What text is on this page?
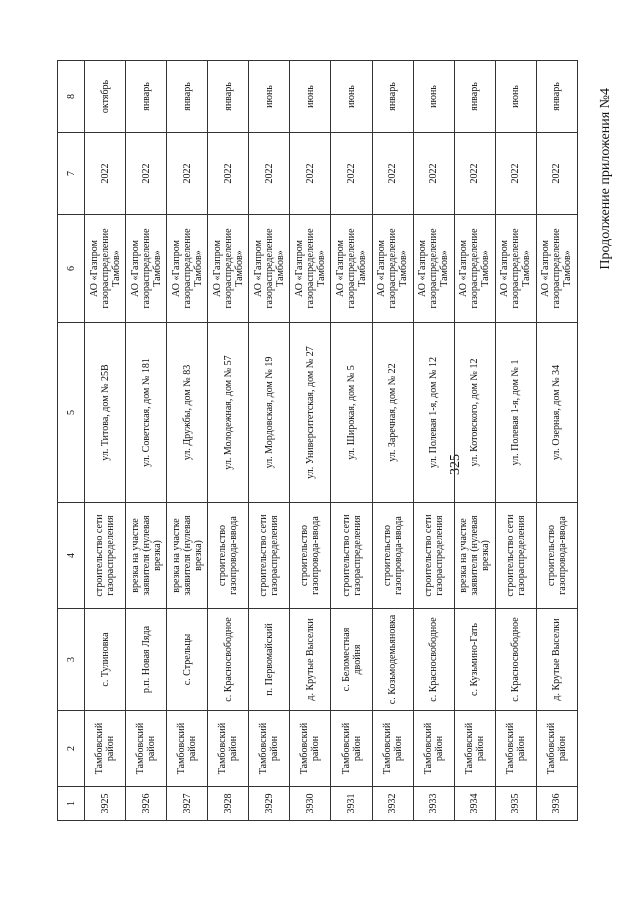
325
Продолжение приложения №4
1	2	3	4	5	6	7	8
3925	Тамбовский район	с. Тулиновка	строительство сети газораспределения	ул. Титова, дом № 25В	АО «Газпром газораспределение Тамбов»	2022	октябрь
3926	Тамбовский район	р.п. Новая Ляда	врезка на участке заявителя (нулевая врезка)	ул. Советская, дом № 181	АО «Газпром газораспределение Тамбов»	2022	январь
3927	Тамбовский район	с. Стрельцы	врезка на участке заявителя (нулевая врезка)	ул. Дружбы, дом № 83	АО «Газпром газораспределение Тамбов»	2022	январь
3928	Тамбовский район	с. Красносвободное	строительство газопровода-ввода	ул. Молодежная, дом № 57	АО «Газпром газораспределение Тамбов»	2022	январь
3929	Тамбовский район	п. Первомайский	строительство сети газораспределения	ул. Мордовская, дом № 19	АО «Газпром газораспределение Тамбов»	2022	июнь
3930	Тамбовский район	д. Крутые Выселки	строительство газопровода-ввода	ул. Университетская, дом № 27	АО «Газпром газораспределение Тамбов»	2022	июнь
3931	Тамбовский район	с. Беломестная двойня	строительство сети газораспределения	ул. Широкая, дом № 5	АО «Газпром газораспределение Тамбов»	2022	июнь
3932	Тамбовский район	с. Козьмодемьяновка	строительство газопровода-ввода	ул. Заречная, дом № 22	АО «Газпром газораспределение Тамбов»	2022	январь
3933	Тамбовский район	с. Красносвободное	строительство сети газораспределения	ул. Полевая 1-я, дом № 12	АО «Газпром газораспределение Тамбов»	2022	июнь
3934	Тамбовский район	с. Кузьмино-Гать	врезка на участке заявителя (нулевая врезка)	ул. Котовского, дом № 12	АО «Газпром газораспределение Тамбов»	2022	январь
3935	Тамбовский район	с. Красносвободное	строительство сети газораспределения	ул. Полевая 1-я, дом № 1	АО «Газпром газораспределение Тамбов»	2022	июнь
3936	Тамбовский район	д. Крутые Выселки	строительство газопровода-ввода	ул. Озерная, дом № 34	АО «Газпром газораспределение Тамбов»	2022	январь
